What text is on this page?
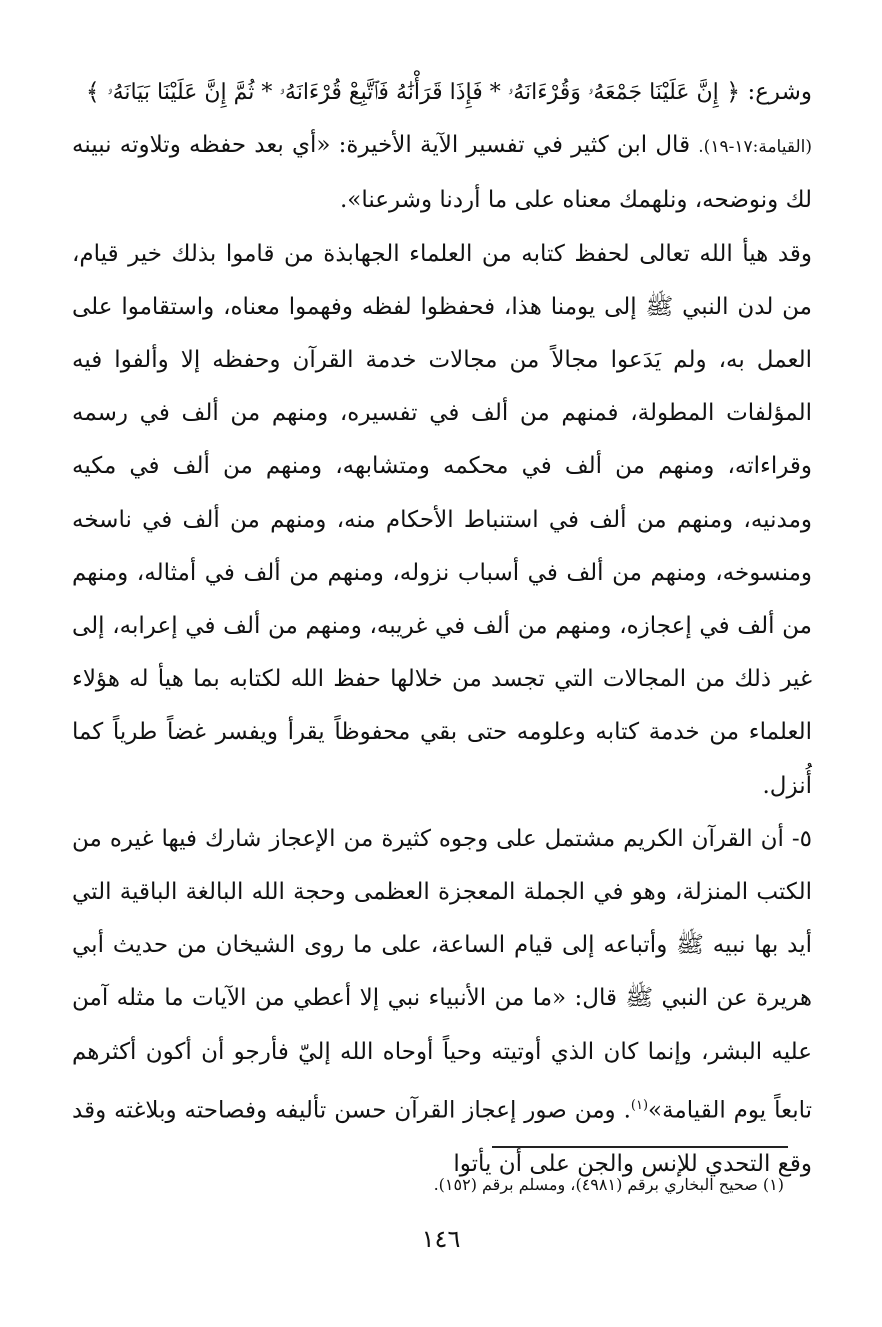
وشرع:

﴿

إِنَّ عَلَيْنَا جَمْعَهُۥ وَقُرْءَانَهُۥ * فَإِذَا قَرَأْنَٰهُ فَٱتَّبِعْ قُرْءَانَهُۥ * ثُمَّ إِنَّ عَلَيْنَا بَيَانَهُۥ

﴾

(القيامة:١٧-١٩). قال ابن كثير في تفسير الآية الأخيرة: «أي بعد حفظه وتلاوته نبينه لك ونوضحه، ونلهمك معناه على ما أردنا وشرعنا».

وقد هيأ الله تعالى لحفظ كتابه من العلماء الجهابذة من قاموا بذلك خير قيام، من لدن النبي ﷺ إلى يومنا هذا، فحفظوا لفظه وفهموا معناه، واستقاموا على العمل به، ولم يَدَعوا مجالاً من مجالات خدمة القرآن وحفظه إلا وألفوا فيه المؤلفات المطولة، فمنهم من ألف في تفسيره، ومنهم من ألف في رسمه وقراءاته، ومنهم من ألف في محكمه ومتشابهه، ومنهم من ألف في مكيه ومدنيه، ومنهم من ألف في استنباط الأحكام منه، ومنهم من ألف في ناسخه ومنسوخه، ومنهم من ألف في أسباب نزوله، ومنهم من ألف في أمثاله، ومنهم من ألف في إعجازه، ومنهم من ألف في غريبه، ومنهم من ألف في إعرابه، إلى غير ذلك من المجالات التي تجسد من خلالها حفظ الله لكتابه بما هيأ له هؤلاء العلماء من خدمة كتابه وعلومه حتى بقي محفوظاً يقرأ ويفسر غضاً طرياً كما أُنزل.

٥- أن القرآن الكريم مشتمل على وجوه كثيرة من الإعجاز شارك فيها غيره من الكتب المنزلة، وهو في الجملة المعجزة العظمى وحجة الله البالغة الباقية التي أيد بها نبيه ﷺ وأتباعه إلى قيام الساعة، على ما روى الشيخان من حديث أبي هريرة عن النبي ﷺ قال: «ما من الأنبياء نبي إلا أعطي من الآيات ما مثله آمن عليه البشر، وإنما كان الذي أوتيته وحياً أوحاه الله إليّ فأرجو أن أكون أكثرهم تابعاً يوم القيامة»$^{(١)}$. ومن صور إعجاز القرآن حسن تأليفه وفصاحته وبلاغته وقد وقع التحدي للإنس والجن على أن يأتوا

(١) صحيح البخاري برقم (٤٩٨١)، ومسلم برقم (١٥٢).
١٤٦
